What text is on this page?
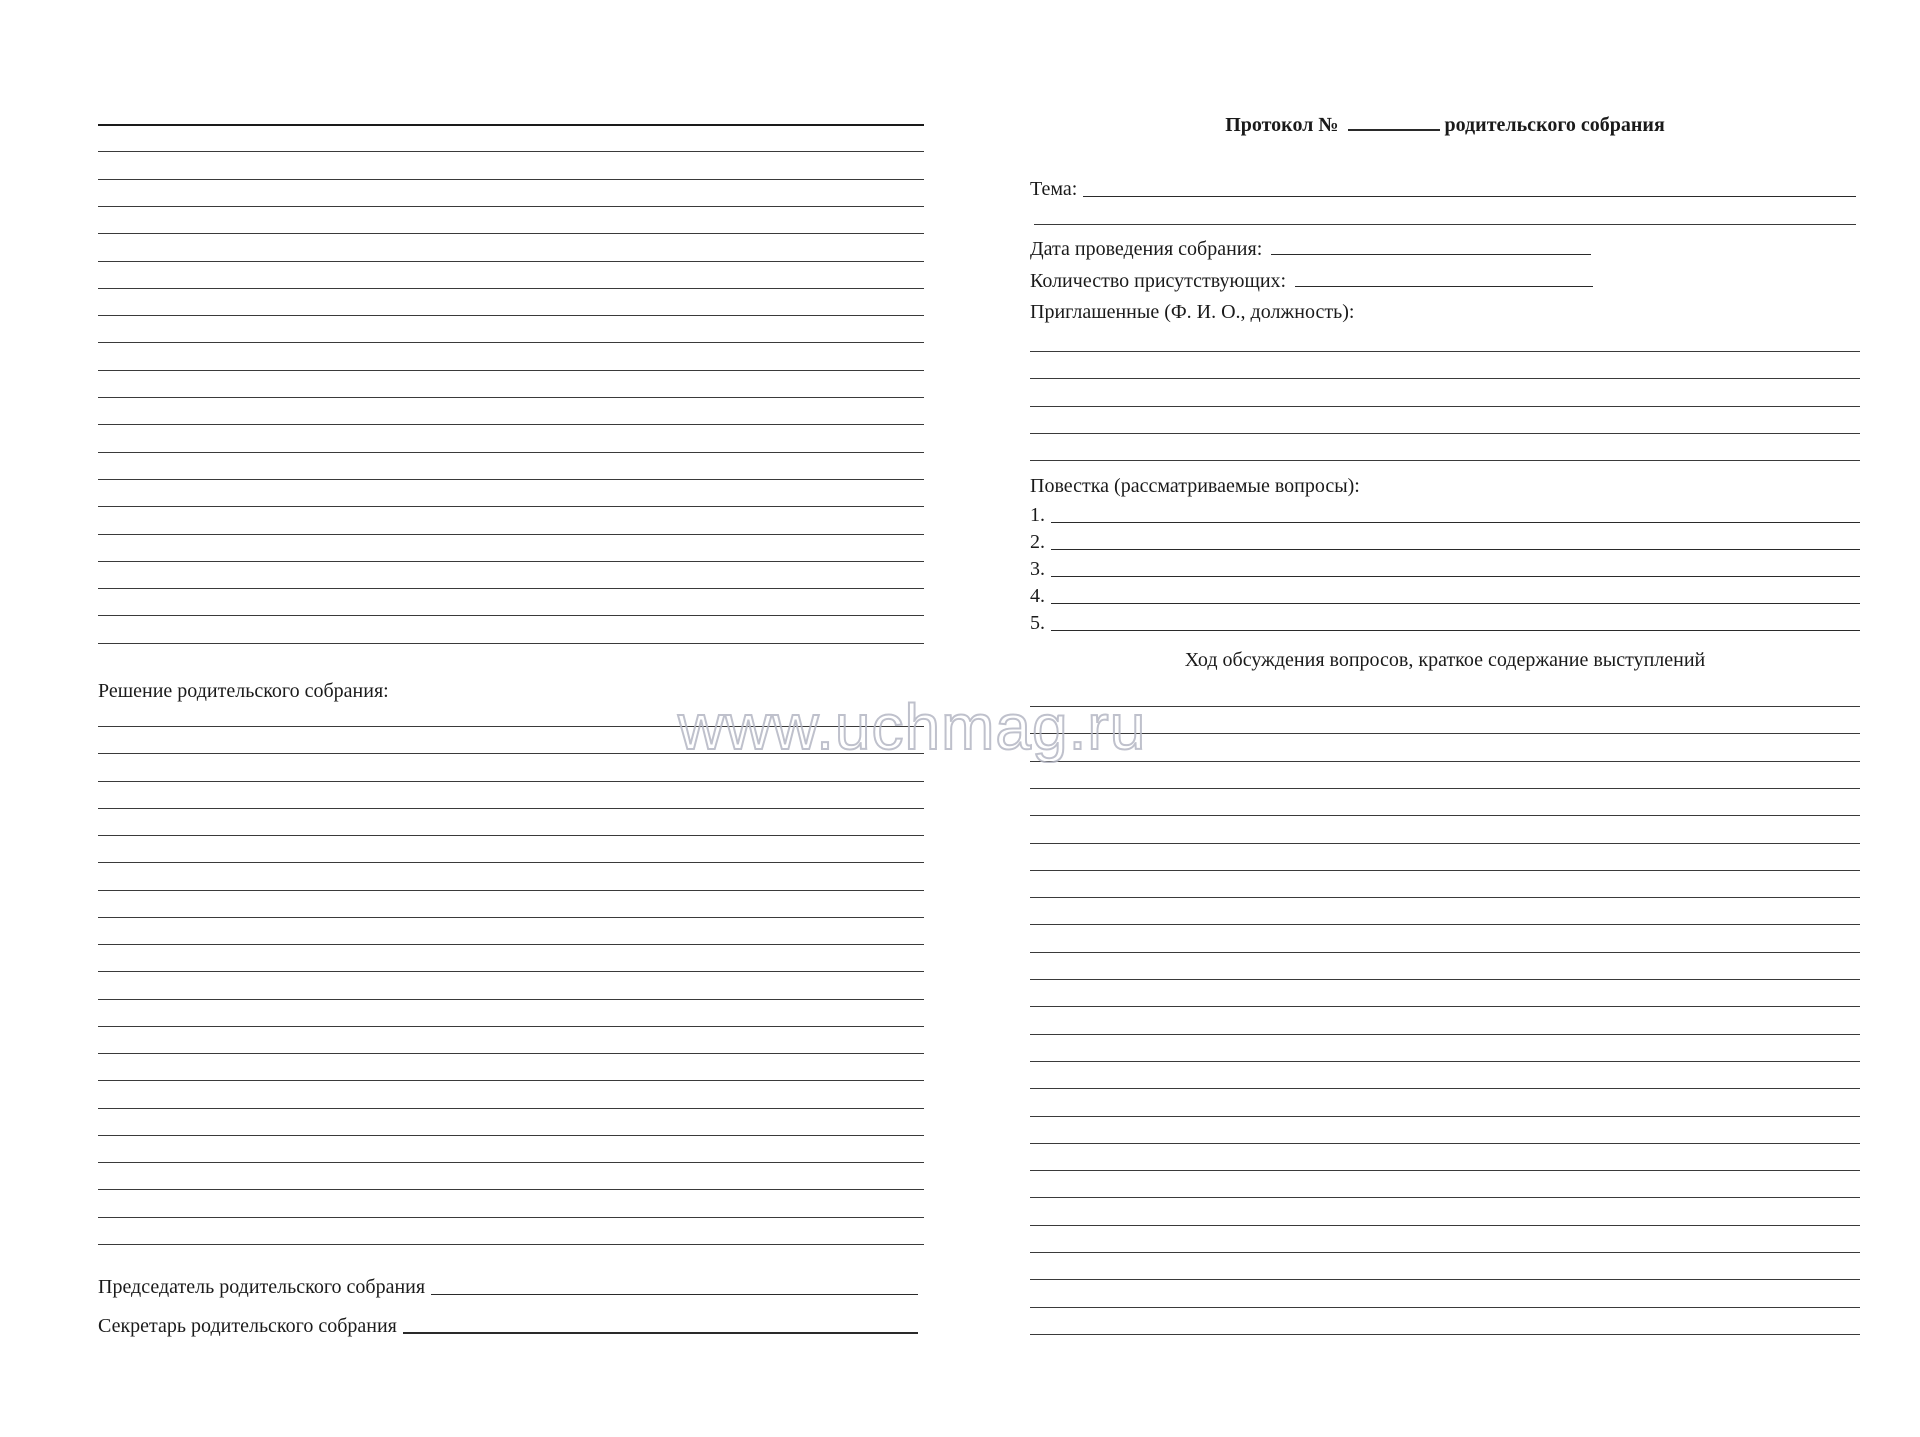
Решение родительского собрания:
Председатель родительского собрания
Секретарь родительского собрания
Протокол №	родительского собрания
Тема:
Дата проведения собрания:
Количество присутствующих:
Приглашенные (Ф. И. О., должность):
Повестка (рассматриваемые вопросы):
1.
2.
3.
4.
5.
Ход обсуждения вопросов, краткое содержание выступлений
www.uchmag.ru
